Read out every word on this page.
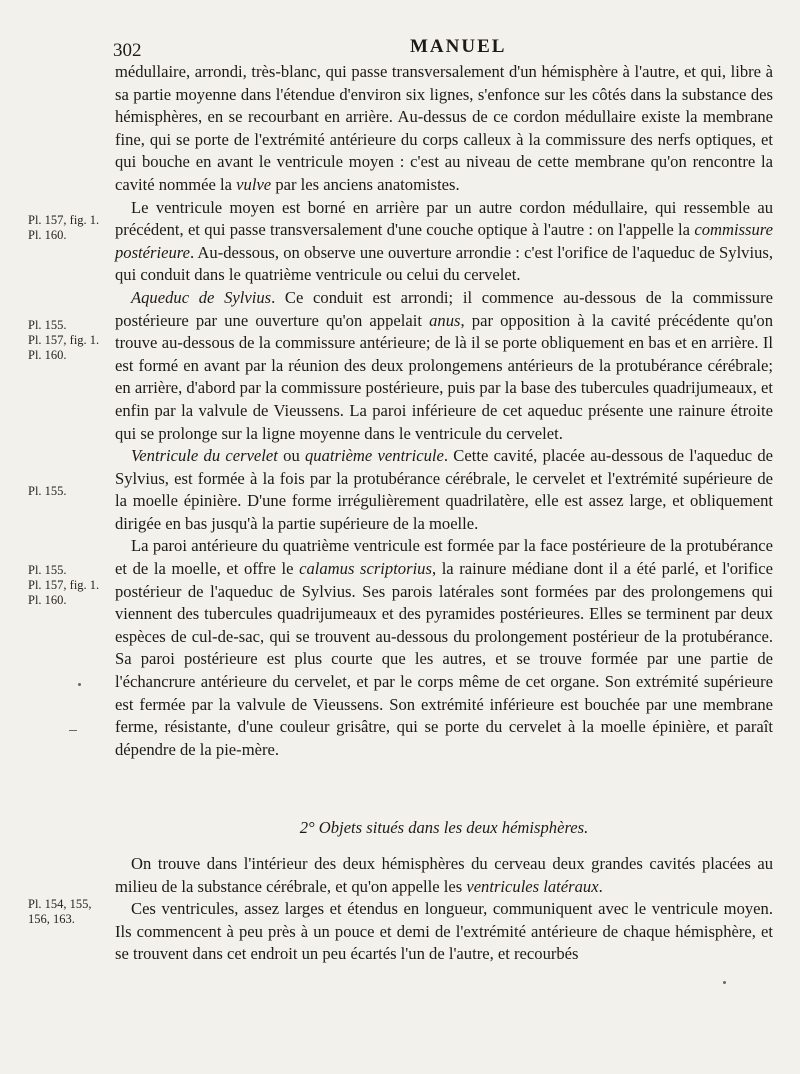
302	MANUEL
Pl. 157, fig. 1.
Pl. 160.
Pl. 155.
Pl. 157, fig. 1.
Pl. 160.
Pl. 155.
Pl. 155.
Pl. 157, fig. 1.
Pl. 160.
Pl. 154, 155,
156, 163.

médullaire, arrondi, très-blanc, qui passe transversalement d'un hémisphère à l'autre, et qui, libre à sa partie moyenne dans l'étendue d'environ six lignes, s'enfonce sur les côtés dans la substance des hémisphères, en se recourbant en arrière. Au-dessus de ce cordon médullaire existe la membrane fine, qui se porte de l'extrémité antérieure du corps calleux à la commissure des nerfs optiques, et qui bouche en avant le ventricule moyen : c'est au niveau de cette membrane qu'on rencontre la cavité nommée la vulve par les anciens anatomistes.

Le ventricule moyen est borné en arrière par un autre cordon médullaire, qui ressemble au précédent, et qui passe transversalement d'une couche optique à l'autre : on l'appelle la commissure postérieure. Au-dessous, on observe une ouverture arrondie : c'est l'orifice de l'aqueduc de Sylvius, qui conduit dans le quatrième ventricule ou celui du cervelet.

Aqueduc de Sylvius. Ce conduit est arrondi; il commence au-dessous de la commissure postérieure par une ouverture qu'on appelait anus, par opposition à la cavité précédente qu'on trouve au-dessous de la commissure antérieure; de là il se porte obliquement en bas et en arrière. Il est formé en avant par la réunion des deux prolongemens antérieurs de la protubérance cérébrale; en arrière, d'abord par la commissure postérieure, puis par la base des tubercules quadrijumeaux, et enfin par la valvule de Vieussens. La paroi inférieure de cet aqueduc présente une rainure étroite qui se prolonge sur la ligne moyenne dans le ventricule du cervelet.

Ventricule du cervelet ou quatrième ventricule. Cette cavité, placée au-dessous de l'aqueduc de Sylvius, est formée à la fois par la protubérance cérébrale, le cervelet et l'extrémité supérieure de la moelle épinière. D'une forme irrégulièrement quadrilatère, elle est assez large, et obliquement dirigée en bas jusqu'à la partie supérieure de la moelle.

La paroi antérieure du quatrième ventricule est formée par la face postérieure de la protubérance et de la moelle, et offre le calamus scriptorius, la rainure médiane dont il a été parlé, et l'orifice postérieur de l'aqueduc de Sylvius. Ses parois latérales sont formées par des prolongemens qui viennent des tubercules quadrijumeaux et des pyramides postérieures. Elles se terminent par deux espèces de cul-de-sac, qui se trouvent au-dessous du prolongement postérieur de la protubérance. Sa paroi postérieure est plus courte que les autres, et se trouve formée par une partie de l'échancrure antérieure du cervelet, et par le corps même de cet organe. Son extrémité supérieure est fermée par la valvule de Vieussens. Son extrémité inférieure est bouchée par une membrane ferme, résistante, d'une couleur grisâtre, qui se porte du cervelet à la moelle épinière, et paraît dépendre de la pie-mère.

2° Objets situés dans les deux hémisphères.

On trouve dans l'intérieur des deux hémisphères du cerveau deux grandes cavités placées au milieu de la substance cérébrale, et qu'on appelle les ventricules latéraux.

Ces ventricules, assez larges et étendus en longueur, communiquent avec le ventricule moyen. Ils commencent à peu près à un pouce et demi de l'extrémité antérieure de chaque hémisphère, et se trouvent dans cet endroit un peu écartés l'un de l'autre, et recourbés
